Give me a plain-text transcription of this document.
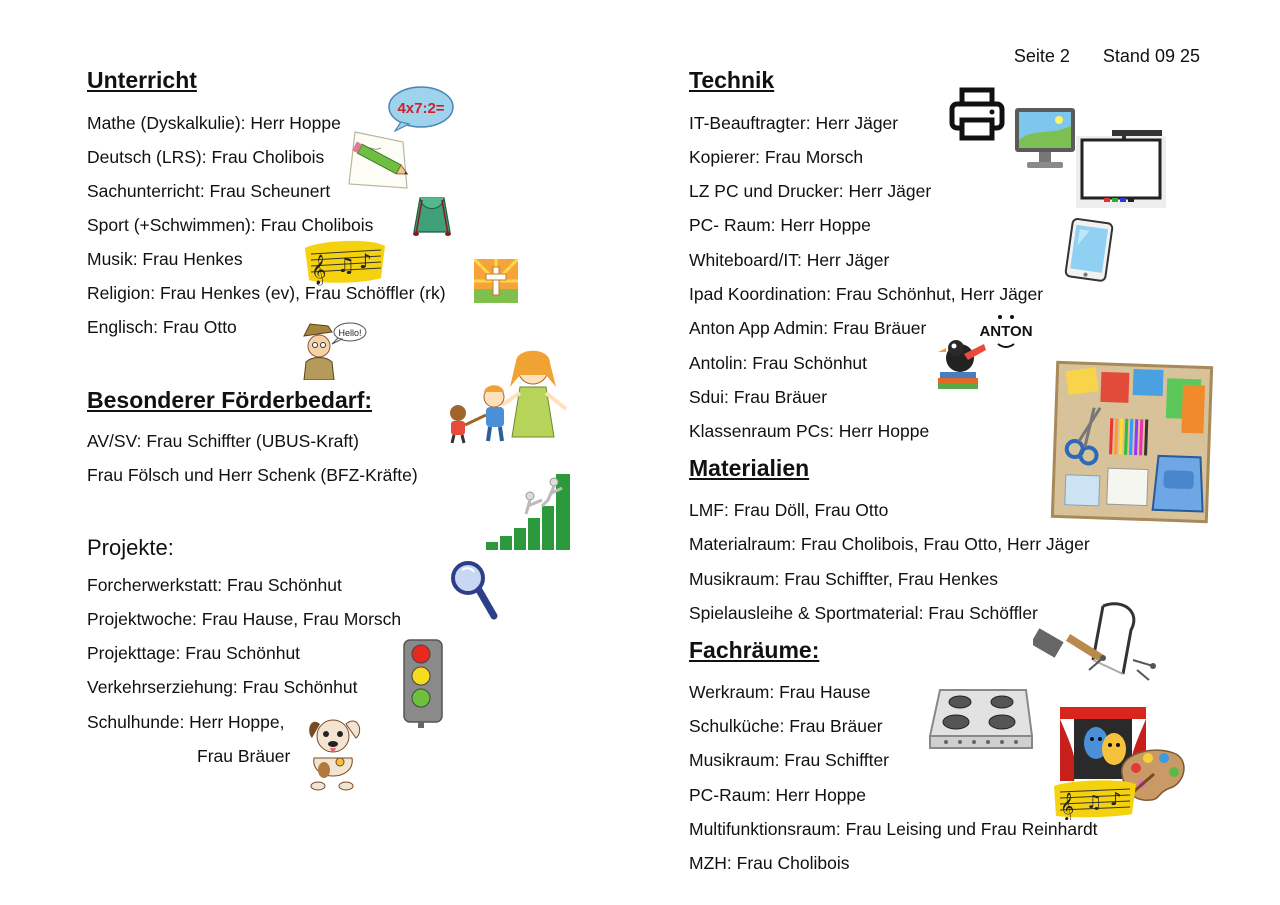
Seite 2 Stand 09 25
Unterricht
Mathe (Dyskalkulie): Herr Hoppe
Deutsch (LRS): Frau Cholibois
Sachunterricht: Frau Scheunert
Sport (+Schwimmen): Frau Cholibois
Musik: Frau Henkes
Religion: Frau Henkes (ev), Frau Schöffler (rk)
Englisch: Frau Otto
Besonderer Förderbedarf:
AV/SV: Frau Schiffter (UBUS-Kraft)
Frau Fölsch und Herr Schenk (BFZ-Kräfte)
Projekte:
Forcherwerkstatt: Frau Schönhut
Projektwoche: Frau Hause, Frau Morsch
Projekttage: Frau Schönhut
Verkehrserziehung: Frau Schönhut
Schulhunde: Herr Hoppe,
Frau Bräuer
Technik
IT-Beauftragter: Herr Jäger
Kopierer: Frau Morsch
LZ PC und Drucker: Herr Jäger
PC- Raum: Herr Hoppe
Whiteboard/IT: Herr Jäger
Ipad Koordination: Frau Schönhut, Herr Jäger
Anton App Admin: Frau Bräuer
Antolin: Frau Schönhut
Sdui: Frau Bräuer
Klassenraum PCs: Herr Hoppe
Materialien
LMF: Frau Döll, Frau Otto
Materialraum: Frau Cholibois, Frau Otto, Herr Jäger
Musikraum: Frau Schiffter, Frau Henkes
Spielausleihe & Sportmaterial: Frau Schöffler
Fachräume:
Werkraum: Frau Hause
Schulküche: Frau Bräuer
Musikraum: Frau Schiffter
PC-Raum: Herr Hoppe
Multifunktionsraum: Frau Leising und Frau Reinhardt
MZH: Frau Cholibois
4x7:2=
𝄞 ♫ ♪
Hello!	ANTON
𝄞 ♫ ♪
